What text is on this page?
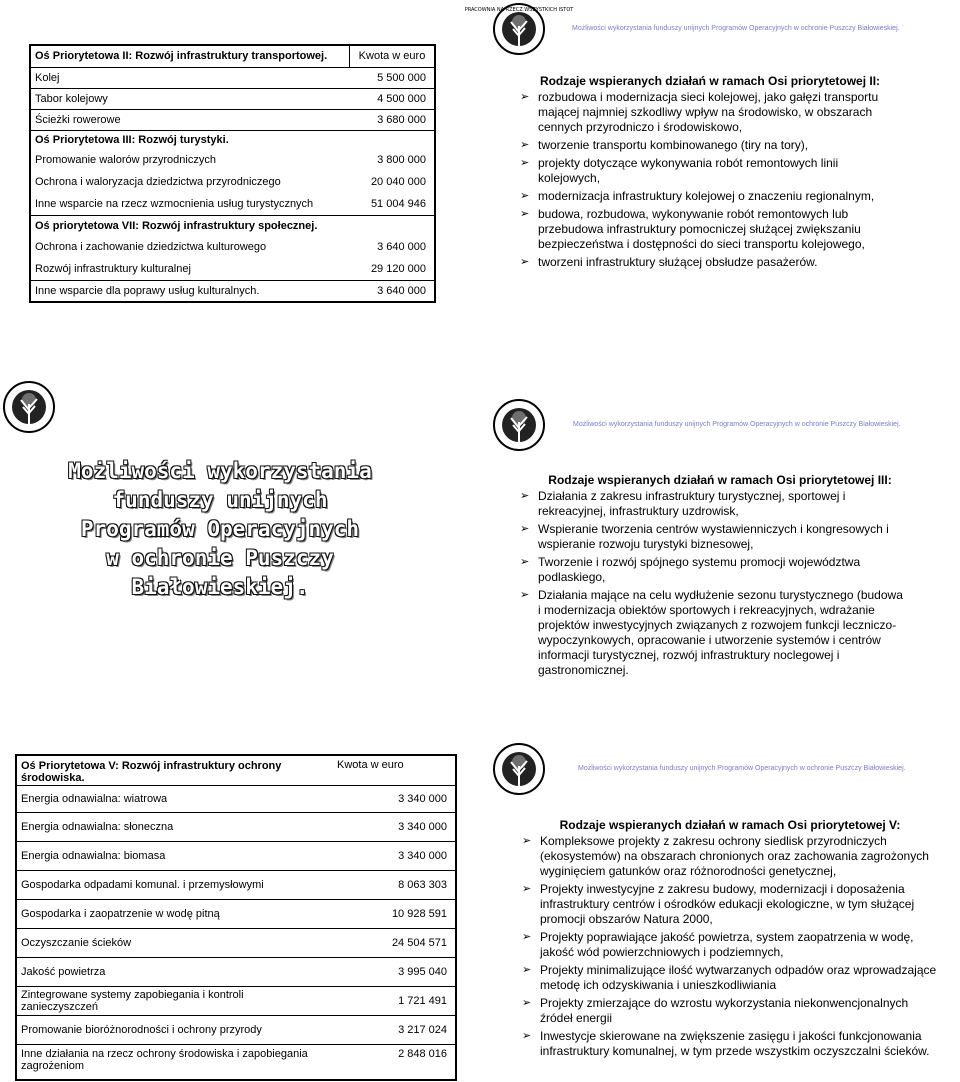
Oś Priorytetowa II: Rozwój infrastruktury transportowej.	Kwota w euro
Kolej	5 500 000
Tabor kolejowy	4 500 000
Ścieżki rowerowe	3 680 000
Oś Priorytetowa III: Rozwój turystyki.	
Promowanie walorów przyrodniczych	3 800 000
Ochrona i waloryzacja dziedzictwa przyrodniczego	20 040 000
Inne wsparcie na rzecz wzmocnienia usług turystycznych	51 004 946
Oś priorytetowa VII: Rozwój infrastruktury społecznej.	
Ochrona i zachowanie dziedzictwa kulturowego	3 640 000
Rozwój infrastruktury kulturalnej	29 120 000
Inne wsparcie dla poprawy usług kulturalnych.	3 640 000
PRACOWNIA NA RZECZ WSZYSTKICH ISTOT
Możliwości wykorzystania funduszy unijnych Programów Operacyjnych w ochronie Puszczy Białowieskiej.
Rodzaje wspieranych działań w ramach Osi priorytetowej II:
➢ rozbudowa i modernizacja sieci kolejowej, jako gałęzi transportu mającej najmniej szkodliwy wpływ na środowisko, w obszarach cennych przyrodniczo i środowiskowo,
➢ tworzenie transportu kombinowanego (tiry na tory),
➢ projekty dotyczące wykonywania robót remontowych linii kolejowych,
➢ modernizacja infrastruktury kolejowej o znaczeniu regionalnym,
➢ budowa, rozbudowa, wykonywanie robót remontowych lub przebudowa infrastruktury pomocniczej służącej zwiększaniu bezpieczeństwa i dostępności do sieci transportu kolejowego,
➢ tworzeni infrastruktury służącej obsłudze pasażerów.
Możliwości wykorzystania
funduszy unijnych
Programów Operacyjnych
w ochronie Puszczy
Białowieskiej.
Możliwości wykorzystania funduszy unijnych Programów Operacyjnych w ochronie Puszczy Białowieskiej.
Rodzaje wspieranych działań w ramach Osi priorytetowej III:
➢ Działania z zakresu infrastruktury turystycznej, sportowej i rekreacyjnej, infrastruktury uzdrowisk,
➢ Wspieranie tworzenia centrów wystawienniczych i kongresowych i wspieranie rozwoju turystyki biznesowej,
➢ Tworzenie i rozwój spójnego systemu promocji województwa podlaskiego,
➢ Działania mające na celu wydłużenie sezonu turystycznego (budowa i modernizacja obiektów sportowych i rekreacyjnych, wdrażanie projektów inwestycyjnych związanych z rozwojem funkcji leczniczo-wypoczynkowych, opracowanie i utworzenie systemów i centrów informacji turystycznej, rozwój infrastruktury noclegowej i gastronomicznej.
Oś Priorytetowa V: Rozwój infrastruktury ochrony środowiska.	Kwota w euro
Energia odnawialna: wiatrowa	3 340 000
Energia odnawialna: słoneczna	3 340 000
Energia odnawialna: biomasa	3 340 000
Gospodarka odpadami komunal. i przemysłowymi	8 063 303
Gospodarka i zaopatrzenie w wodę pitną	10 928 591
Oczyszczanie ścieków	24 504 571
Jakość powietrza	3 995 040
Zintegrowane systemy zapobiegania i kontroli zanieczyszczeń	1 721 491
Promowanie bioróżnorodności i ochrony przyrody	3 217 024
Inne działania na rzecz ochrony środowiska i zapobiegania zagrożeniom	2 848 016
Możliwości wykorzystania funduszy unijnych Programów Operacyjnych w ochronie Puszczy Białowieskiej.
Rodzaje wspieranych działań w ramach Osi priorytetowej V:
➢ Kompleksowe projekty z zakresu ochrony siedlisk przyrodniczych (ekosystemów) na obszarach chronionych oraz zachowania zagrożonych wyginięciem gatunków oraz różnorodności genetycznej,
➢ Projekty inwestycyjne z zakresu budowy, modernizacji i doposażenia infrastruktury centrów i ośrodków edukacji ekologiczne, w tym służącej promocji obszarów Natura 2000,
➢ Projekty poprawiające jakość powietrza, system zaopatrzenia w wodę, jakość wód powierzchniowych i podziemnych,
➢ Projekty minimalizujące ilość wytwarzanych odpadów oraz wprowadzające metodę ich odzyskiwania i unieszkodliwiania
➢ Projekty zmierzające do wzrostu wykorzystania niekonwencjonalnych źródeł energii
➢ Inwestycje skierowane na zwiększenie zasięgu i jakości funkcjonowania infrastruktury komunalnej, w tym przede wszystkim oczyszczalni ścieków.
